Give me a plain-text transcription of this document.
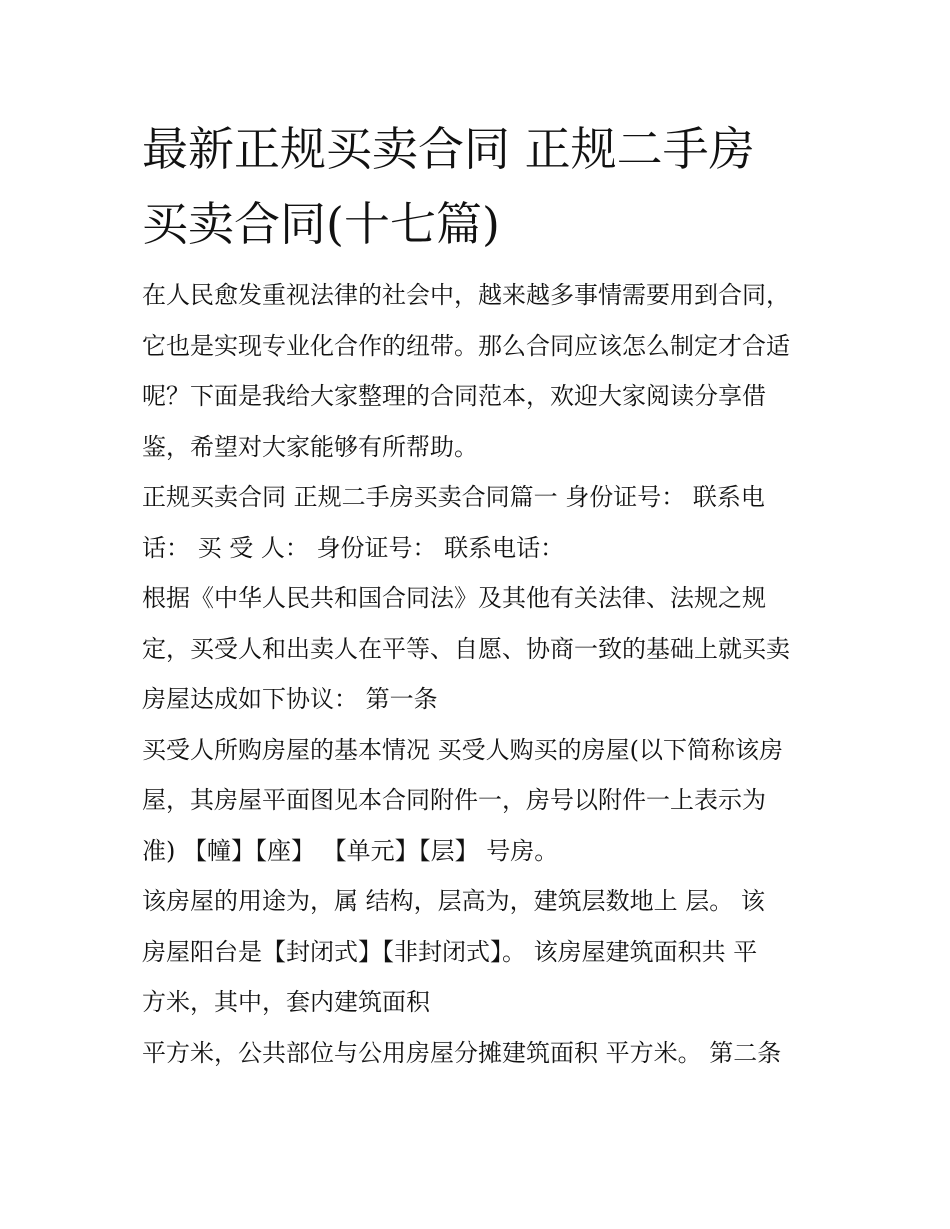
最新正规买卖合同 正规二手房
买卖合同(十七篇)

在人民愈发重视法律的社会中，越来越多事情需要用到合同，
它也是实现专业化合作的纽带。那么合同应该怎么制定才合适
呢？下面是我给大家整理的合同范本，欢迎大家阅读分享借
鉴，希望对大家能够有所帮助。

正规买卖合同 正规二手房买卖合同篇一 身份证号： 联系电
话： 买 受 人： 身份证号： 联系电话：

根据《中华人民共和国合同法》及其他有关法律、法规之规
定，买受人和出卖人在平等、自愿、协商一致的基础上就买卖
房屋达成如下协议： 第一条

买受人所购房屋的基本情况 买受人购买的房屋(以下简称该房
屋，其房屋平面图见本合同附件一，房号以附件一上表示为
准) 【幢】【座】 【单元】【层】 号房。

该房屋的用途为，属 结构，层高为，建筑层数地上 层。 该
房屋阳台是【封闭式】【非封闭式】。 该房屋建筑面积共 平
方米，其中，套内建筑面积

平方米，公共部位与公用房屋分摊建筑面积 平方米。 第二条
